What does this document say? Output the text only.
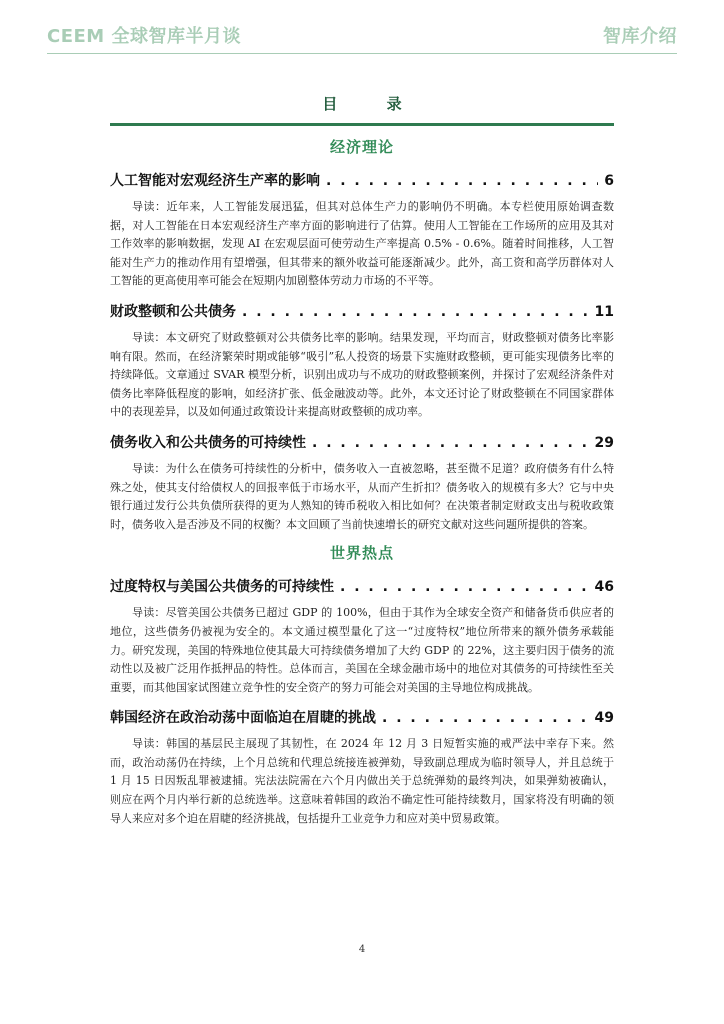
CEEM 全球智库半月谈	智库介绍
目 录
经济理论
人工智能对宏观经济生产率的影响 . . .	6

导读：近年来，人工智能发展迅猛，但其对总体生产力的影响仍不明确。本专栏使用原始调查数据，对人工智能在日本宏观经济生产率方面的影响进行了估算。使用人工智能在工作场所的应用及其对工作效率的影响数据，发现 AI 在宏观层面可使劳动生产率提高 0.5% - 0.6%。随着时间推移，人工智能对生产力的推动作用有望增强，但其带来的额外收益可能逐渐减少。此外，高工资和高学历群体对人工智能的更高使用率可能会在短期内加剧整体劳动力市场的不平等。

财政整顿和公共债务 . . .	11

导读：本文研究了财政整顿对公共债务比率的影响。结果发现，平均而言，财政整顿对债务比率影响有限。然而，在经济繁荣时期或能够“吸引”私人投资的场景下实施财政整顿，更可能实现债务比率的持续降低。文章通过 SVAR 模型分析，识别出成功与不成功的财政整顿案例，并探讨了宏观经济条件对债务比率降低程度的影响，如经济扩张、低金融波动等。此外，本文还讨论了财政整顿在不同国家群体中的表现差异，以及如何通过政策设计来提高财政整顿的成功率。

债务收入和公共债务的可持续性 . . .	29

导读：为什么在债务可持续性的分析中，债务收入一直被忽略，甚至微不足道？政府债务有什么特殊之处，使其支付给债权人的回报率低于市场水平，从而产生折扣？债务收入的规模有多大？它与中央银行通过发行公共负债所获得的更为人熟知的铸币税收入相比如何？在决策者制定财政支出与税收政策时，债务收入是否涉及不同的权衡？本文回顾了当前快速增长的研究文献对这些问题所提供的答案。

世界热点
过度特权与美国公共债务的可持续性 . . .	46

导读：尽管美国公共债务已超过 GDP 的 100%，但由于其作为全球安全资产和储备货币供应者的地位，这些债务仍被视为安全的。本文通过模型量化了这一“过度特权”地位所带来的额外债务承载能力。研究发现，美国的特殊地位使其最大可持续债务增加了大约 GDP 的 22%，这主要归因于债务的流动性以及被广泛用作抵押品的特性。总体而言，美国在全球金融市场中的地位对其债务的可持续性至关重要，而其他国家试图建立竞争性的安全资产的努力可能会对美国的主导地位构成挑战。

韩国经济在政治动荡中面临迫在眉睫的挑战 . . .	49

导读：韩国的基层民主展现了其韧性，在 2024 年 12 月 3 日短暂实施的戒严法中幸存下来。然而，政治动荡仍在持续，上个月总统和代理总统接连被弹劾，导致副总理成为临时领导人，并且总统于 1 月 15 日因叛乱罪被逮捕。宪法法院需在六个月内做出关于总统弹劾的最终判决，如果弹劾被确认，则应在两个月内举行新的总统选举。这意味着韩国的政治不确定性可能持续数月，国家将没有明确的领导人来应对多个迫在眉睫的经济挑战，包括提升工业竞争力和应对美中贸易政策。

4
